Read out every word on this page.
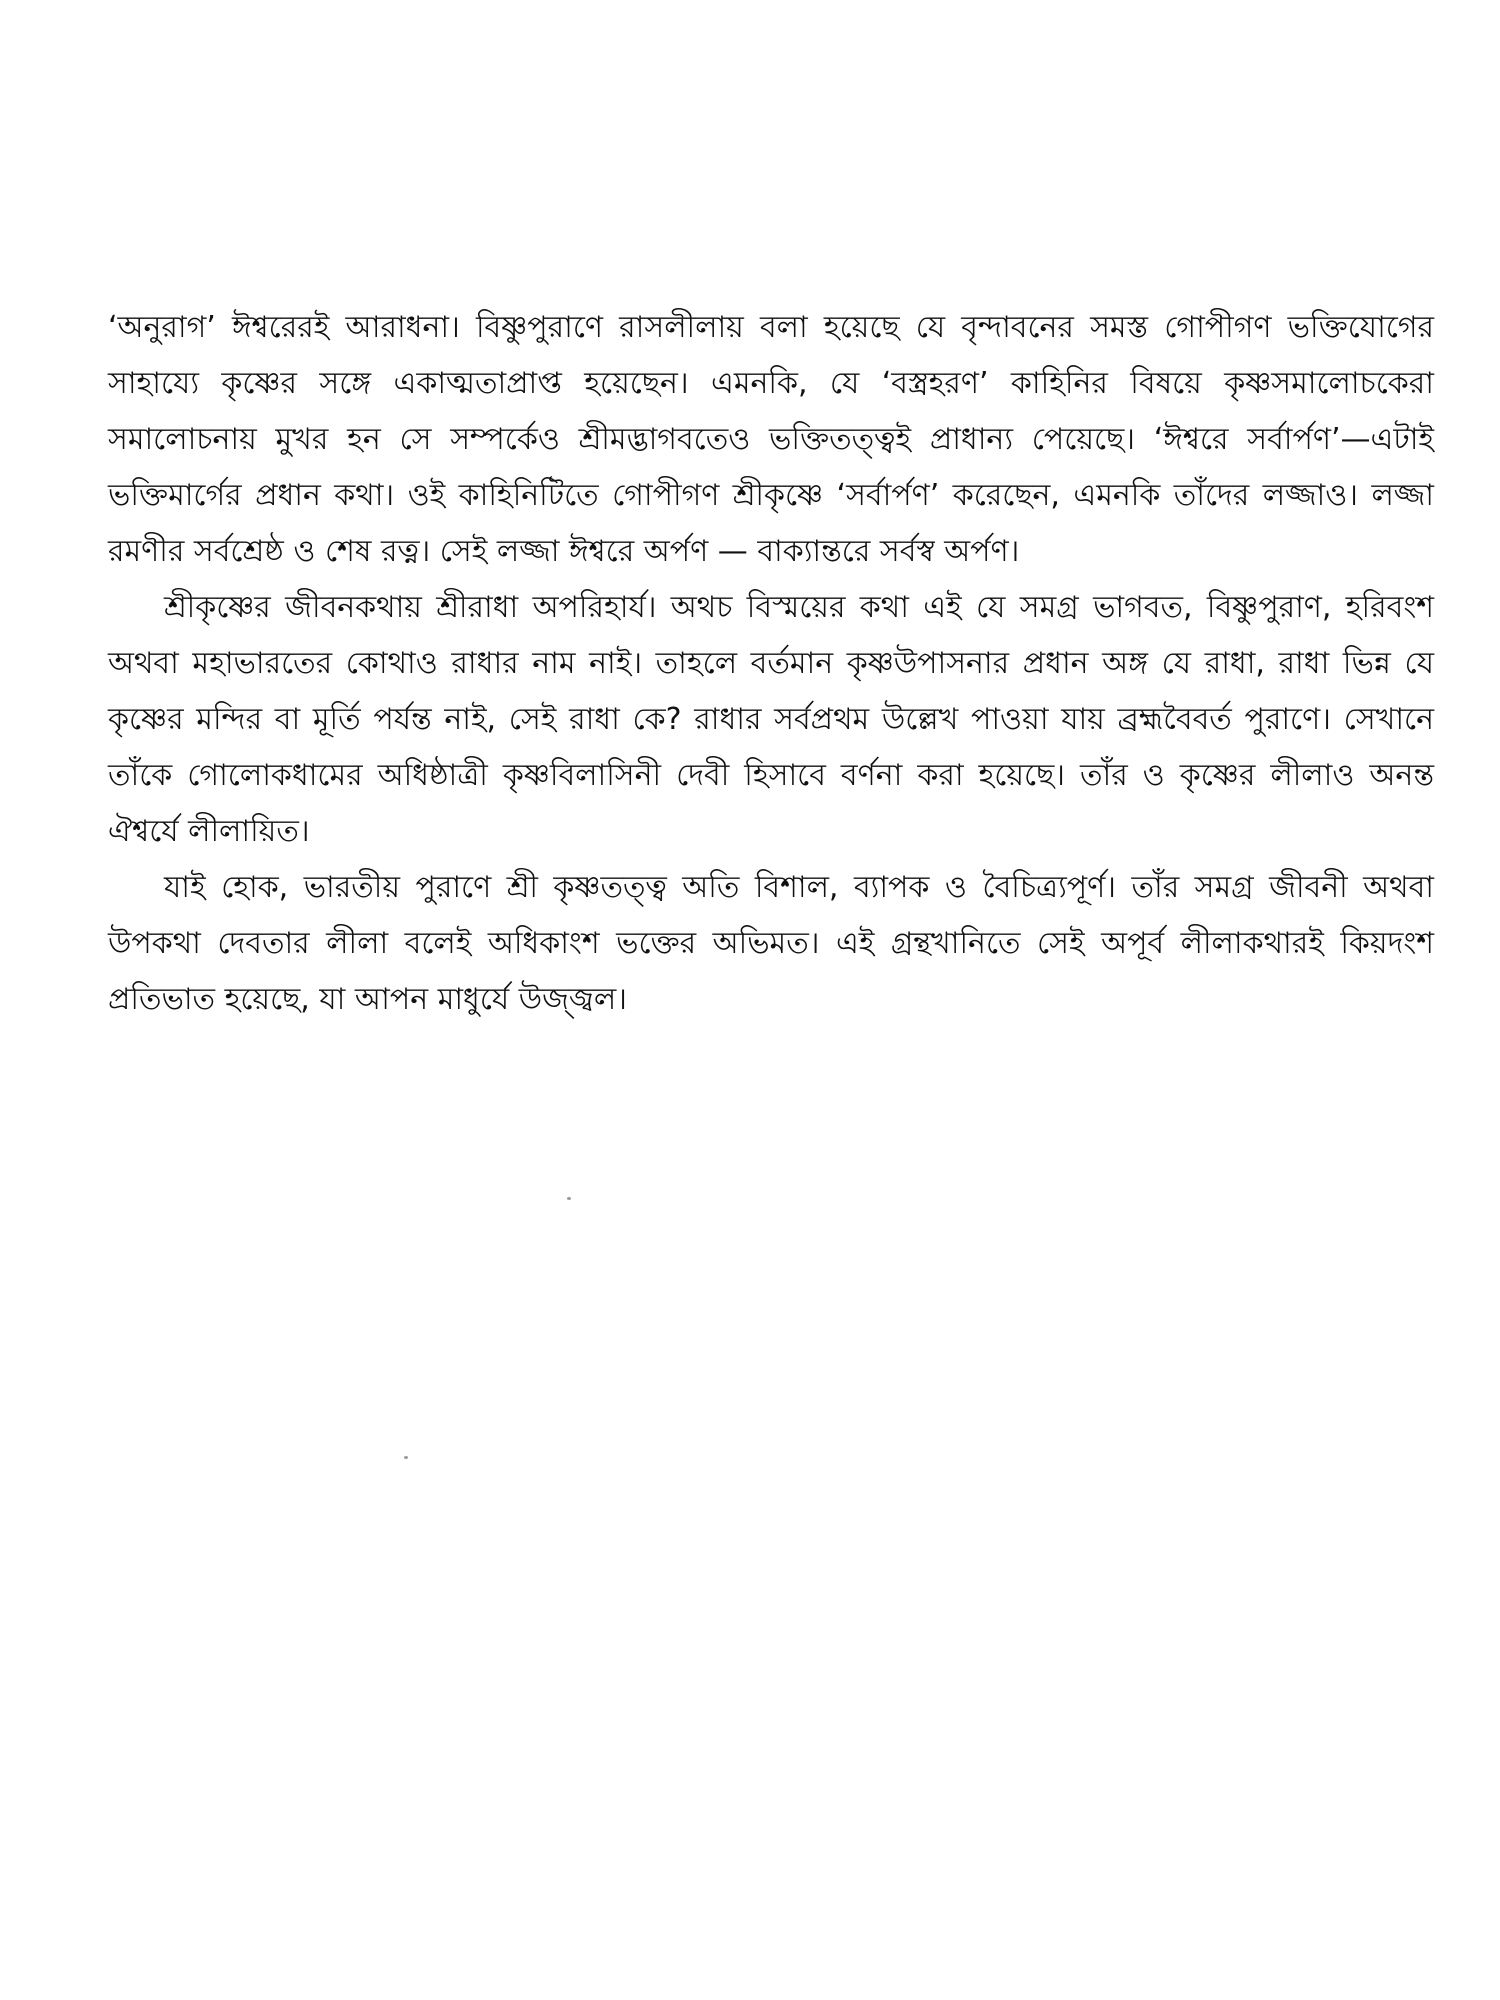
‘অনুরাগ’ ঈশ্বরেরই আরাধনা। বিষ্ণুপুরাণে রাসলীলায় বলা হয়েছে যে বৃন্দাবনের সমস্ত গোপীগণ ভক্তিযোগের সাহায্যে কৃষ্ণের সঙ্গে একাত্মতাপ্রাপ্ত হয়েছেন। এমনকি, যে ‘বস্ত্রহরণ’ কাহিনির বিষয়ে কৃষ্ণসমালোচকেরা সমালোচনায় মুখর হন সে সম্পর্কেও শ্রীমদ্ভাগবতেও ভক্তিতত্ত্বই প্রাধান্য পেয়েছে। ‘ঈশ্বরে সর্বার্পণ’—এটাই ভক্তিমার্গের প্রধান কথা। ওই কাহিনিটিতে গোপীগণ শ্রীকৃষ্ণে ‘সর্বার্পণ’ করেছেন, এমনকি তাঁদের লজ্জাও। লজ্জা রমণীর সর্বশ্রেষ্ঠ ও শেষ রত্ন। সেই লজ্জা ঈশ্বরে অর্পণ — বাক্যান্তরে সর্বস্ব অর্পণ।

শ্রীকৃষ্ণের জীবনকথায় শ্রীরাধা অপরিহার্য। অথচ বিস্ময়ের কথা এই যে সমগ্র ভাগবত, বিষ্ণুপুরাণ, হরিবংশ অথবা মহাভারতের কোথাও রাধার নাম নাই। তাহলে বর্তমান কৃষ্ণউপাসনার প্রধান অঙ্গ যে রাধা, রাধা ভিন্ন যে কৃষ্ণের মন্দির বা মূর্তি পর্যন্ত নাই, সেই রাধা কে? রাধার সর্বপ্রথম উল্লেখ পাওয়া যায় ব্রহ্মবৈবর্ত পুরাণে। সেখানে তাঁকে গোলোকধামের অধিষ্ঠাত্রী কৃষ্ণবিলাসিনী দেবী হিসাবে বর্ণনা করা হয়েছে। তাঁর ও কৃষ্ণের লীলাও অনন্ত ঐশ্বর্যে লীলায়িত।

যাই হোক, ভারতীয় পুরাণে শ্রী কৃষ্ণতত্ত্ব অতি বিশাল, ব্যাপক ও বৈচিত্র্যপূর্ণ। তাঁর সমগ্র জীবনী অথবা উপকথা দেবতার লীলা বলেই অধিকাংশ ভক্তের অভিমত। এই গ্রন্থখানিতে সেই অপূর্ব লীলাকথারই কিয়দংশ প্রতিভাত হয়েছে, যা আপন মাধুর্যে উজ্জ্বল।
